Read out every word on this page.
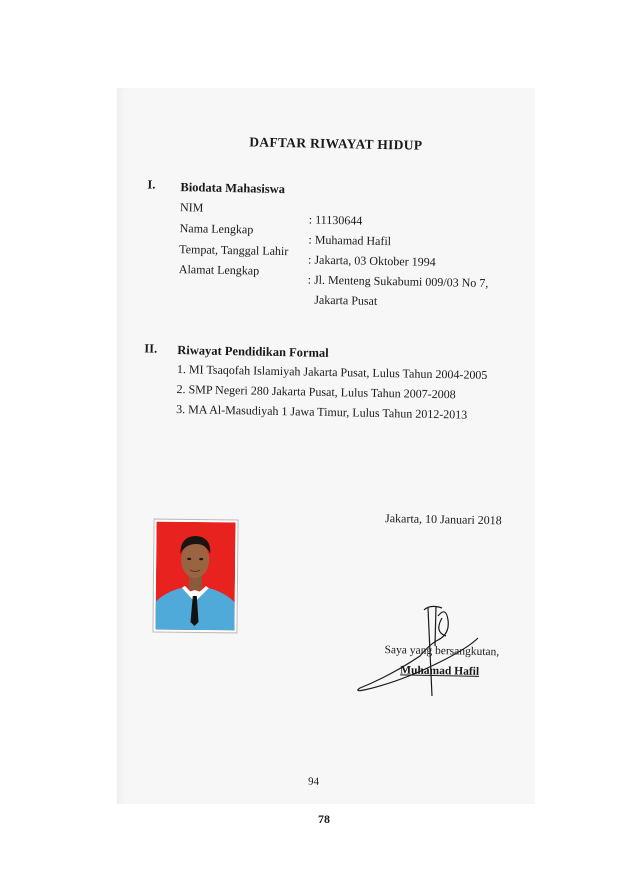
DAFTAR RIWAYAT HIDUP
I. Biodata Mahasiswa
NIM
Nama Lengkap
Tempat, Tanggal Lahir
Alamat Lengkap
: 11130644
: Muhamad Hafil
: Jakarta, 03 Oktober 1994
: Jl. Menteng Sukabumi 009/03 No 7,
Jakarta Pusat
II. Riwayat Pendidikan Formal
1. MI Tsaqofah Islamiyah Jakarta Pusat, Lulus Tahun 2004-2005
2. SMP Negeri 280 Jakarta Pusat, Lulus Tahun 2007-2008
3. MA Al-Masudiyah 1 Jawa Timur, Lulus Tahun 2012-2013
Jakarta, 10 Januari 2018
Saya yang bersangkutan,
Muhamad Hafil
94
78
